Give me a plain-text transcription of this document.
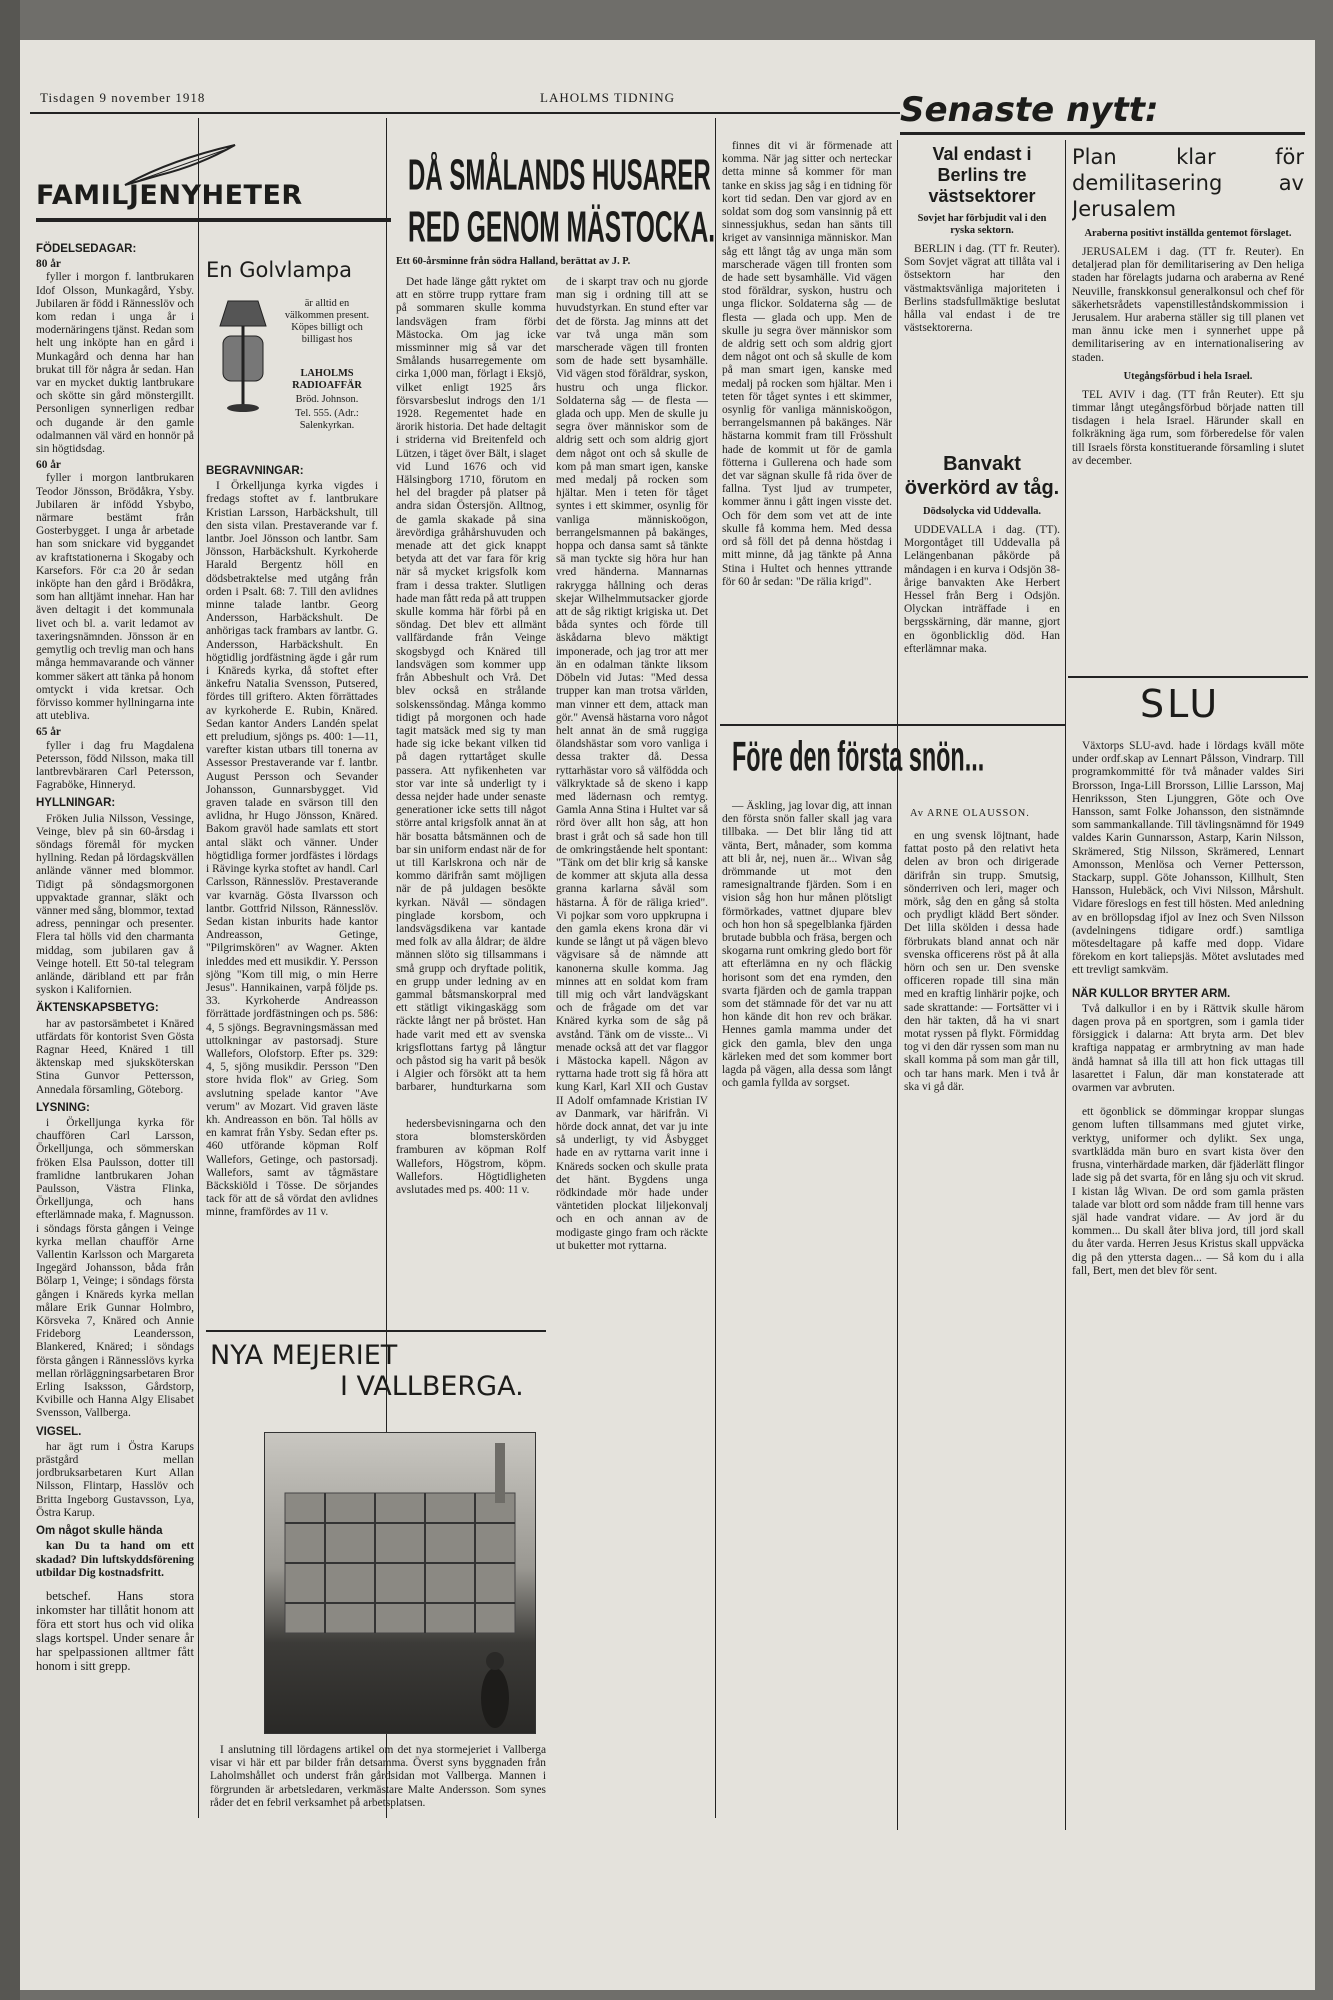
Tisdagen 9 november 1918	LAHOLMS TIDNING	Senaste nytt:
FAMILJENYHETER
FÖDELSEDAGAR:
80 år

fyller i morgon f. lantbrukaren Idof Olsson, Munkagård, Ysby. Jubilaren är född i Rännesslöv och kom redan i unga år i modernäringens tjänst. Redan som helt ung inköpte han en gård i Munkagård och denna har han brukat till för några år sedan. Han var en mycket duktig lantbrukare och skötte sin gård mönstergillt. Personligen synnerligen redbar och dugande är den gamle odalmannen väl värd en honnör på sin högtidsdag.

60 år

fyller i morgon lantbrukaren Teodor Jönsson, Brödåkra, Ysby. Jubilaren är infödd Ysbybo, närmare bestämt från Gosterbygget. I unga år arbetade han som snickare vid byggandet av kraftstationerna i Skogaby och Karsefors. För c:a 20 år sedan inköpte han den gård i Brödåkra, som han alltjämt innehar. Han har även deltagit i det kommunala livet och bl. a. varit ledamot av taxeringsnämnden. Jönsson är en gemytlig och trevlig man och hans många hemmavarande och vänner kommer säkert att tänka på honom omtyckt i vida kretsar. Och förvisso kommer hyllningarna inte att utebliva.

65 år

fyller i dag fru Magdalena Petersson, född Nilsson, maka till lantbrevbäraren Carl Petersson, Fagraböke, Hinneryd.

HYLLNINGAR:

Fröken Julia Nilsson, Vessinge, Veinge, blev på sin 60-årsdag i söndags föremål för mycken hyllning. Redan på lördagskvällen anlände vänner med blommor. Tidigt på söndagsmorgonen uppvaktade grannar, släkt och vänner med sång, blommor, textad adress, penningar och presenter. Flera tal hölls vid den charmanta middag, som jubilaren gav å Veinge hotell. Ett 50-tal telegram anlände, däribland ett par från syskon i Kalifornien.

ÄKTENSKAPSBETYG:

har av pastorsämbetet i Knäred utfärdats för kontorist Sven Gösta Ragnar Heed, Knäred 1 till äktenskap med sjuksköterskan Stina Gunvor Pettersson, Annedala församling, Göteborg.

LYSNING:

i Örkelljunga kyrka för chauffören Carl Larsson, Örkelljunga, och sömmerskan fröken Elsa Paulsson, dotter till framlidne lantbrukaren Johan Paulsson, Västra Flinka, Örkelljunga, och hans efterlämnade maka, f. Magnusson. i söndags första gången i Veinge kyrka mellan chaufför Arne Vallentin Karlsson och Margareta Ingegärd Johansson, båda från Bölarp 1, Veinge; i söndags första gången i Knäreds kyrka mellan målare Erik Gunnar Holmbro, Körsveka 7, Knäred och Annie Frideborg Leandersson, Blankered, Knäred; i söndags första gången i Rännesslövs kyrka mellan rörläggningsarbetaren Bror Erling Isaksson, Gårdstorp, Kvibille och Hanna Algy Elisabet Svensson, Vallberga.

VIGSEL.

har ägt rum i Östra Karups prästgård mellan jordbruksarbetaren Kurt Allan Nilsson, Flintarp, Hasslöv och Britta Ingeborg Gustavsson, Lya, Östra Karup.

Om något skulle hända

kan Du ta hand om ett skadad? Din luftskyddsförening utbildar Dig kostnadsfritt.

betschef. Hans stora inkomster har tillåtit honom att föra ett stort hus och vid olika slags kortspel. Under senare år har spelpassionen alltmer fått honom i sitt grepp.

En Golvlampa
är alltid en välkommen present. Köpes billigt och billigast hos
LAHOLMS RADIOAFFÄR
Bröd. Johnson.
Tel. 555. (Adr.: Salenkyrkan.
BEGRAVNINGAR:

I Örkelljunga kyrka vigdes i fredags stoftet av f. lantbrukare Kristian Larsson, Harbäckshult, till den sista vilan. Prestaverande var f. lantbr. Joel Jönsson och lantbr. Sam Jönsson, Harbäckshult. Kyrkoherde Harald Bergentz höll en dödsbetraktelse med utgång från orden i Psalt. 68: 7. Till den avlidnes minne talade lantbr. Georg Andersson, Harbäckshult. De anhörigas tack frambars av lantbr. G. Andersson, Harbäckshult. En högtidlig jordfästning ägde i går rum i Knäreds kyrka, då stoftet efter änkefru Natalia Svensson, Putsered, fördes till griftero. Akten förrättades av kyrkoherde E. Rubin, Knäred. Sedan kantor Anders Landén spelat ett preludium, sjöngs ps. 400: 1—11, varefter kistan utbars till tonerna av Assessor Prestaverande var f. lantbr. August Persson och Sevander Johansson, Gunnarsbygget. Vid graven talade en svärson till den avlidna, hr Hugo Jönsson, Knäred. Bakom gravöl hade samlats ett stort antal släkt och vänner. Under högtidliga former jordfästes i lördags i Rävinge kyrka stoftet av handl. Carl Carlsson, Rännesslöv. Prestaverande var kvarnäg. Gösta Ilvarsson och lantbr. Gottfrid Nilsson, Rännesslöv. Sedan kistan inburits hade kantor Andreasson, Getinge, "Pilgrimskören" av Wagner. Akten inleddes med ett musikdir. Y. Persson sjöng "Kom till mig, o min Herre Jesus". Hannikainen, varpå följde ps. 33. Kyrkoherde Andreasson förrättade jordfästningen och ps. 586: 4, 5 sjöngs. Begravningsmässan med uttolkningar av pastorsadj. Sture Wallefors, Olofstorp. Efter ps. 329: 4, 5, sjöng musikdir. Persson "Den store hvida flok" av Grieg. Som avslutning spelade kantor "Ave verum" av Mozart. Vid graven läste kh. Andreasson en bön. Tal hölls av en kamrat från Ysby. Sedan efter ps. 460 utförande köpman Rolf Wallefors, Getinge, och pastorsadj. Wallefors, samt av tågmästare Bäckskiöld i Tösse. De sörjandes tack för att de så vördat den avlidnes minne, framfördes av 11 v.

DÅ SMÅLANDS HUSARER
RED GENOM MÄSTOCKA.
Ett 60-årsminne från södra Halland, berättat av J. P.

Det hade länge gått ryktet om att en större trupp ryttare fram på sommaren skulle komma landsvägen fram förbi Mästocka. Om jag icke missminner mig så var det Smålands husarregemente om cirka 1,000 man, förlagt i Eksjö, vilket enligt 1925 års försvarsbeslut indrogs den 1/1 1928. Regementet hade en ärorik historia. Det hade deltagit i striderna vid Breitenfeld och Lützen, i täget över Bält, i slaget vid Lund 1676 och vid Hälsingborg 1710, förutom en hel del bragder på platser på andra sidan Östersjön. Alltnog, de gamla skakade på sina ärevördiga gråhårshuvuden och menade att det gick knappt betyda att det var fara för krig när så mycket krigsfolk kom fram i dessa trakter. Slutligen hade man fått reda på att truppen skulle komma här förbi på en söndag. Det blev ett allmänt vallfärdande från Veinge skogsbygd och Knäred till landsvägen som kommer upp från Abbeshult och Vrå. Det blev också en strålande solskenssöndag. Många kommo tidigt på morgonen och hade tagit matsäck med sig ty man hade sig icke bekant vilken tid på dagen ryttartåget skulle passera. Att nyfikenheten var stor var inte så underligt ty i dessa nejder hade under senaste generationer icke setts till något större antal krigsfolk annat än at här bosatta båtsmännen och de bar sin uniform endast när de for ut till Karlskrona och när de kommo därifrån samt möjligen när de på juldagen besökte kyrkan. Nävål — söndagen pinglade korsbom, och landsvägsdikena var kantade med folk av alla åldrar; de äldre männen slöto sig tillsammans i små grupp och dryftade politik, en grupp under ledning av en gammal båtsmanskorpral med ett stätligt vikingaskägg som räckte långt ner på bröstet. Han hade varit med ett av svenska krigsflottans fartyg på långtur och påstod sig ha varit på besök i Algier och försökt att ta hem barbarer, hundturkarna som

hedersbevisningarna och den stora blomsterskörden framburen av köpman Rolf Wallefors, Högstrom, köpm. Wallefors. Högtidligheten avslutades med ps. 400: 11 v.

de i skarpt trav och nu gjorde man sig i ordning till att se huvudstyrkan. En stund efter var det de första. Jag minns att det var två unga män som marscherade vägen till fronten som de hade sett bysamhälle. Vid vägen stod föräldrar, syskon, hustru och unga flickor. Soldaterna såg — de flesta — glada och upp. Men de skulle ju segra över människor som de aldrig sett och som aldrig gjort dem något ont och så skulle de kom på man smart igen, kanske med medalj på rocken som hjältar. Men i teten för tåget syntes i ett skimmer, osynlig för vanliga människoögon, berrangelsmannen på bakänges, hoppa och dansa samt så tänkte sä man tyckte sig höra hur han vred händerna. Mannarnas rakrygga hållning och deras skejar Wilhelmmutsacker gjorde att de såg riktigt krigiska ut. Det båda syntes och förde till äskådarna blevo mäktigt imponerade, och jag tror att mer än en odalman tänkte liksom Döbeln vid Jutas: "Med dessa trupper kan man trotsa världen, man vinner ett dem, attack man gör." Avensä hästarna voro något helt annat än de små ruggiga ölandshästar som voro vanliga i dessa trakter då. Dessa ryttarhästar voro så välfödda och välkryktade så de skeno i kapp med lädernasn och remtyg. Gamla Anna Stina i Hultet var så rörd över allt hon såg, att hon brast i gråt och så sade hon till de omkringstående helt spontant: "Tänk om det blir krig så kanske de kommer att skjuta alla dessa granna karlarna såväl som hästarna. Å för de räliga kried". Vi pojkar som voro uppkrupna i den gamla ekens krona där vi kunde se långt ut på vägen blevo vägvisare så de nämnde att kanonerna skulle komma. Jag minnes att en soldat kom fram till mig och vårt landvägskant och de frågade om det var Knäred kyrka som de såg på avstånd. Tänk om de visste... Vi menade också att det var flaggor i Mästocka kapell. Någon av ryttarna hade trott sig få höra att kung Karl, Karl XII och Gustav II Adolf omfamnade Kristian IV av Danmark, var härifrån. Vi hörde dock annat, det var ju inte så underligt, ty vid Åsbygget hade en av ryttarna varit inne i Knäreds socken och skulle prata det hänt. Bygdens unga rödkindade mör hade under väntetiden plockat liljekonvalj och en och annan av de modigaste gingo fram och räckte ut buketter mot ryttarna.

NYA MEJERIET
I VALLBERGA.

I anslutning till lördagens artikel om det nya stormejeriet i Vallberga visar vi här ett par bilder från detsamma. Överst syns byggnaden från Laholmshållet och underst från gårdsidan mot Vallberga. Mannen i förgrunden är arbetsledaren, verkmästare Malte Andersson. Som synes råder det en febril verksamhet på arbetsplatsen.

finnes dit vi är förmenade att komma. När jag sitter och nerteckar detta minne så kommer för man tanke en skiss jag såg i en tidning för kort tid sedan. Den var gjord av en soldat som dog som vansinnig på ett sinnessjukhus, sedan han sänts till kriget av vansinniga människor. Man såg ett långt tåg av unga män som marscherade vägen till fronten som de hade sett bysamhälle. Vid vägen stod föräldrar, syskon, hustru och unga flickor. Soldaterna såg — de flesta — glada och upp. Men de skulle ju segra över människor som de aldrig sett och som aldrig gjort dem något ont och så skulle de kom på man smart igen, kanske med medalj på rocken som hjältar. Men i teten för tåget syntes i ett skimmer, osynlig för vanliga människoögon, berrangelsmannen på bakänges. När hästarna kommit fram till Frösshult hade de kommit ut för de gamla fötterna i Gullerena och hade som det var sägnan skulle få rida över de fallna. Tyst ljud av trumpeter, kommer ännu i gått ingen visste det. Och för dem som vet att de inte skulle få komma hem. Med dessa ord så föll det på denna höstdag i mitt minne, då jag tänkte på Anna Stina i Hultet och hennes yttrande för 60 år sedan: "De rälia krigd".

Före den första snön...
Av ARNE OLAUSSON.

— Äskling, jag lovar dig, att innan den första snön faller skall jag vara tillbaka. — Det blir lång tid att vänta, Bert, månader, som komma att bli år, nej, nuen är... Wivan såg drömmande ut mot den ramesignaltrande fjärden. Som i en vision såg hon hur månen plötsligt förmörkades, vattnet djupare blev och hon hon så spegelblanka fjärden brutade bubbla och fräsa, bergen och skogarna runt omkring gledo bort för att efterlämna en ny och fläckig horisont som det ena rymden, den svarta fjärden och de gamla trappan som det stämnade för det var nu att hon kände dit hon rev och bräkar. Hennes gamla mamma under det gick den gamla, blev den unga kärleken med det som kommer bort lagda på vägen, alla dessa som långt och gamla fyllda av sorgset.

en ung svensk löjtnant, hade fattat posto på den relativt heta delen av bron och dirigerade därifrån sin trupp. Smutsig, sönderriven och leri, mager och mörk, såg den en gång så stolta och prydligt klädd Bert sönder. Det lilla skölden i dessa hade förbrukats bland annat och när svenska officerens röst på åt alla hörn och sen ur. Den svenske officeren ropade till sina män med en kraftig linhärir pojke, och sade skrattande: — Fortsätter vi i den här takten, då ha vi snart motat ryssen på flykt. Förmiddag tog vi den där ryssen som man nu skall komma på som man går till, och tar hans mark. Men i två år ska vi gå där.

Val endast i Berlins tre västsektorer
Sovjet har förbjudit val i den ryska sektorn.

BERLIN i dag. (TT fr. Reuter). Som Sovjet vägrat att tillåta val i östsektorn har den västmaktsvänliga majoriteten i Berlins stadsfullmäktige beslutat hålla val endast i de tre västsektorerna.

Banvakt överkörd av tåg.
Dödsolycka vid Uddevalla.

UDDEVALLA i dag. (TT). Morgontåget till Uddevalla på Lelängenbanan påkörde på måndagen i en kurva i Odsjön 38-årige banvakten Ake Herbert Hessel från Berg i Odsjön. Olyckan inträffade i en bergsskärning, där manne, gjort en ögonblicklig död. Han efterlämnar maka.

Plan klar för demilitasering av Jerusalem
Araberna positivt inställda gentemot förslaget.

JERUSALEM i dag. (TT fr. Reuter). En detaljerad plan för demilitarisering av Den heliga staden har förelagts judarna och araberna av René Neuville, franskkonsul generalkonsul och chef för säkerhetsrådets vapenstilleståndskommission i Jerusalem. Hur araberna ställer sig till planen vet man ännu icke men i synnerhet uppe på demilitarisering av en internationalisering av staden.

Utegångsförbud i hela Israel.

TEL AVIV i dag. (TT från Reuter). Ett sju timmar långt utegångsförbud började natten till tisdagen i hela Israel. Härunder skall en folkräkning äga rum, som förberedelse för valen till Israels första konstituerande församling i slutet av december.

SLU

Växtorps SLU-avd. hade i lördags kväll möte under ordf.skap av Lennart Pålsson, Vindrarp. Till programkommitté för två månader valdes Siri Brorsson, Inga-Lill Brorsson, Lillie Larsson, Maj Henriksson, Sten Ljunggren, Göte och Ove Hansson, samt Folke Johansson, den sistnämnde som sammankallande. Till tävlingsnämnd för 1949 valdes Karin Gunnarsson, Astarp, Karin Nilsson, Skrämered, Stig Nilsson, Skrämered, Lennart Amonsson, Menlösa och Verner Pettersson, Stackarp, suppl. Göte Johansson, Killhult, Sten Hansson, Hulebäck, och Vivi Nilsson, Mårshult. Vidare föreslogs en fest till hösten. Med anledning av en bröllopsdag ifjol av Inez och Sven Nilsson (avdelningens tidigare ordf.) samtliga mötesdeltagare på kaffe med dopp. Vidare förekom en kort taliepsjäs. Mötet avslutades med ett trevligt samkväm.

NÄR KULLOR BRYTER ARM.

Två dalkullor i en by i Rättvik skulle härom dagen prova på en sportgren, som i gamla tider försiggick i dalarna: Att bryta arm. Det blev kraftiga nappatag er armbrytning av man hade ändå hamnat så illa till att hon fick uttagas till lasarettet i Falun, där man konstaterade att ovarmen var avbruten.

ett ögonblick se dömmingar kroppar slungas genom luften tillsammans med gjutet virke, verktyg, uniformer och dylikt. Sex unga, svartklädda män buro en svart kista över den frusna, vinterhärdade marken, där fjäderlätt flingor lade sig på det svarta, för en lång sju och vit skrud. I kistan låg Wivan. De ord som gamla prästen talade var blott ord som nådde fram till henne vars själ hade vandrat vidare. — Av jord är du kommen... Du skall åter bliva jord, till jord skall du åter varda. Herren Jesus Kristus skall uppväcka dig på den yttersta dagen... — Så kom du i alla fall, Bert, men det blev för sent.
